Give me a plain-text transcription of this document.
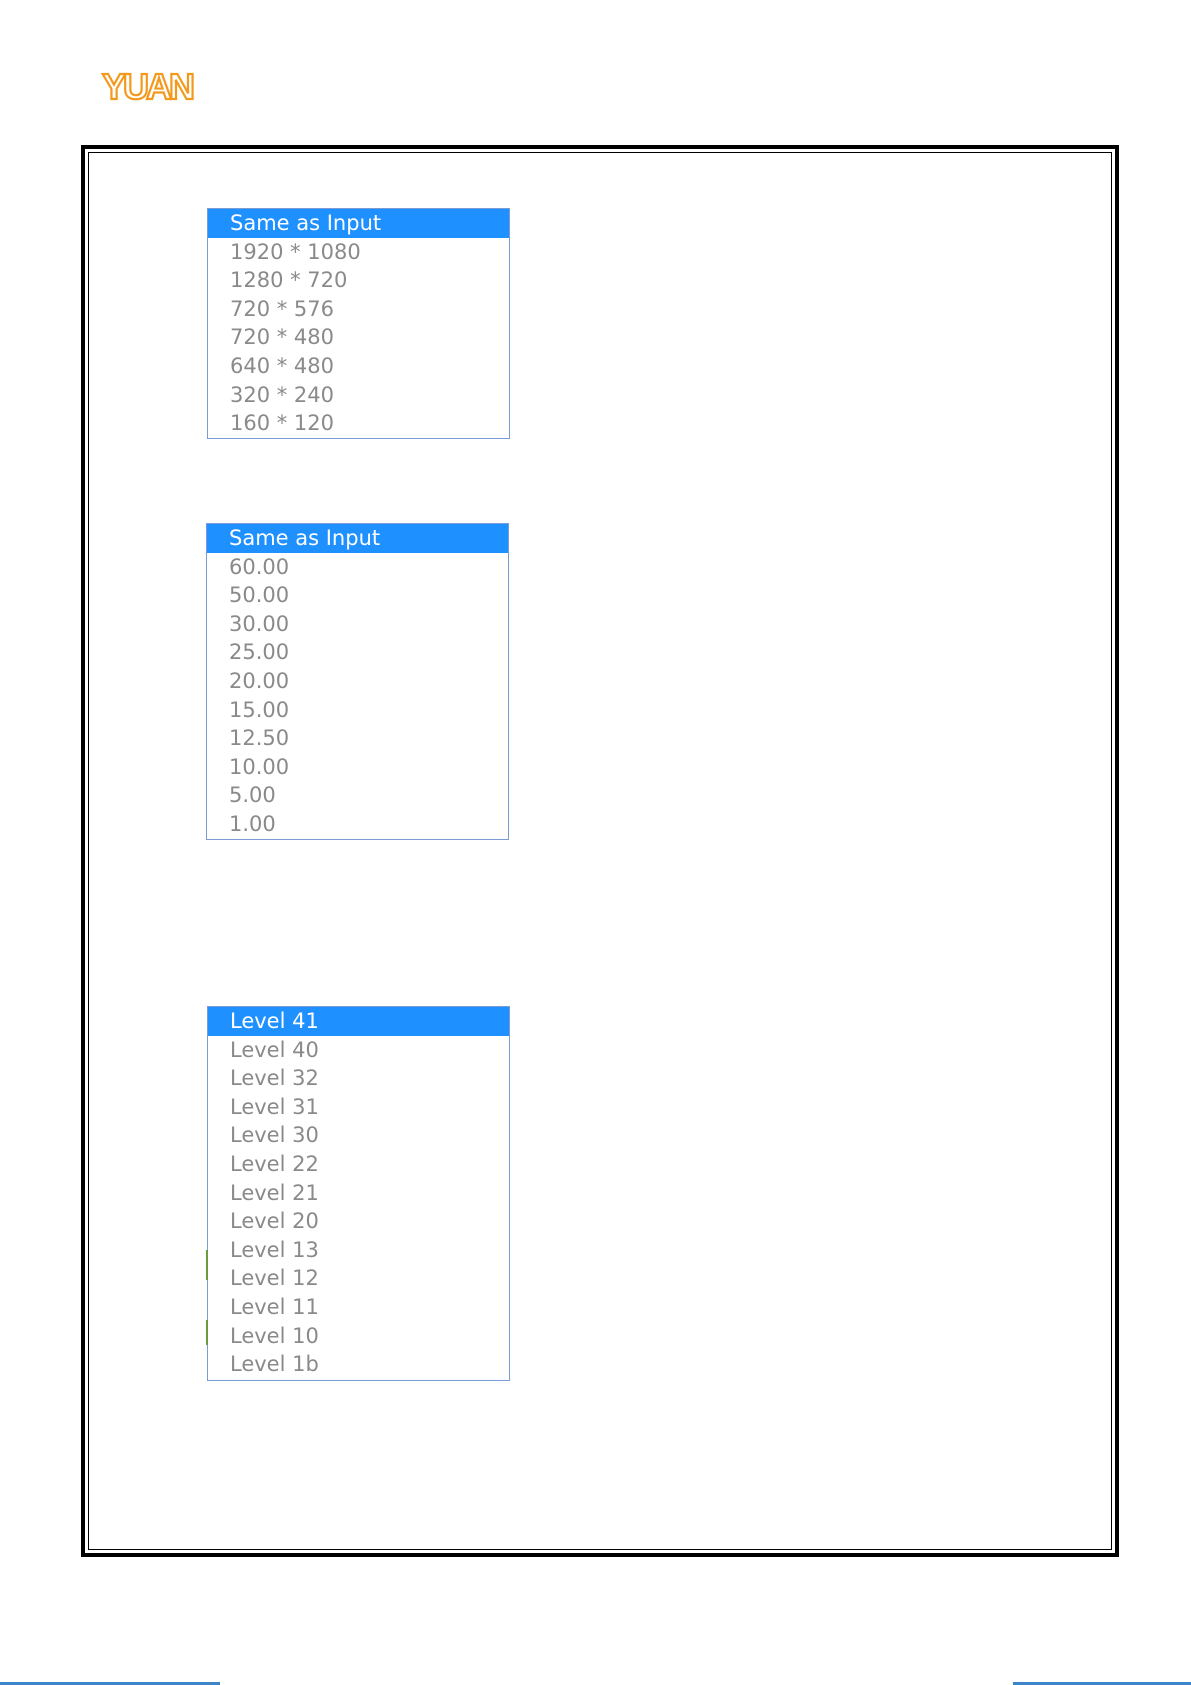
YUAN
Same as Input
1920 * 1080
1280 * 720
720 * 576
720 * 480
640 * 480
320 * 240
160 * 120
Same as Input
60.00
50.00
30.00
25.00
20.00
15.00
12.50
10.00
5.00
1.00
Level 41
Level 40
Level 32
Level 31
Level 30
Level 22
Level 21
Level 20
Level 13
Level 12
Level 11
Level 10
Level 1b
